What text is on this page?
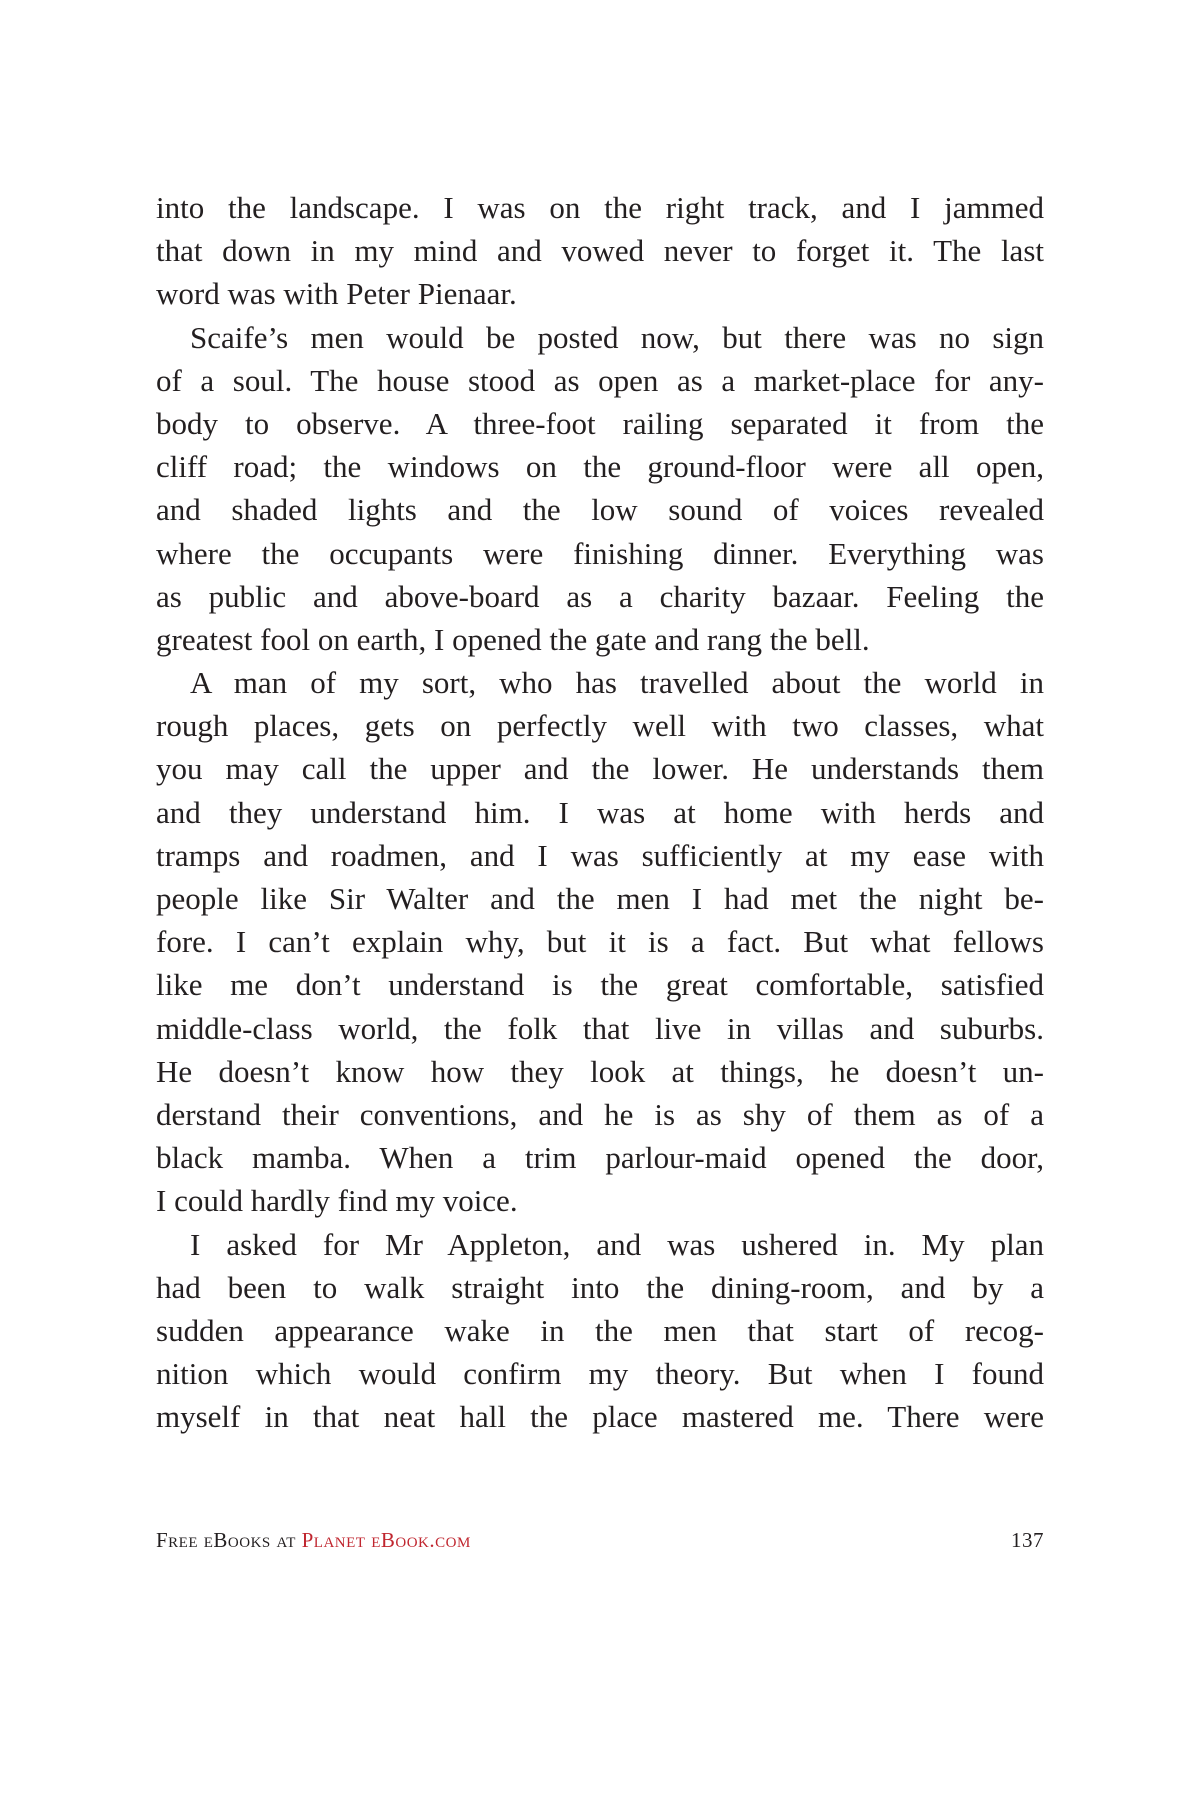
into the landscape. I was on the right track, and I jammed
that down in my mind and vowed never to forget it. The last
word was with Peter Pienaar.
Scaife’s men would be posted now, but there was no sign
of a soul. The house stood as open as a market-place for any-
body to observe. A three-foot railing separated it from the
cliff road; the windows on the ground-floor were all open,
and shaded lights and the low sound of voices revealed
where the occupants were finishing dinner. Everything was
as public and above-board as a charity bazaar. Feeling the
greatest fool on earth, I opened the gate and rang the bell.
A man of my sort, who has travelled about the world in
rough places, gets on perfectly well with two classes, what
you may call the upper and the lower. He understands them
and they understand him. I was at home with herds and
tramps and roadmen, and I was sufficiently at my ease with
people like Sir Walter and the men I had met the night be-
fore. I can’t explain why, but it is a fact. But what fellows
like me don’t understand is the great comfortable, satisfied
middle-class world, the folk that live in villas and suburbs.
He doesn’t know how they look at things, he doesn’t un-
derstand their conventions, and he is as shy of them as of a
black mamba. When a trim parlour-maid opened the door,
I could hardly find my voice.
I asked for Mr Appleton, and was ushered in. My plan
had been to walk straight into the dining-room, and by a
sudden appearance wake in the men that start of recog-
nition which would confirm my theory. But when I found
myself in that neat hall the place mastered me. There were
Free eBooks at Planet eBook.com	137
